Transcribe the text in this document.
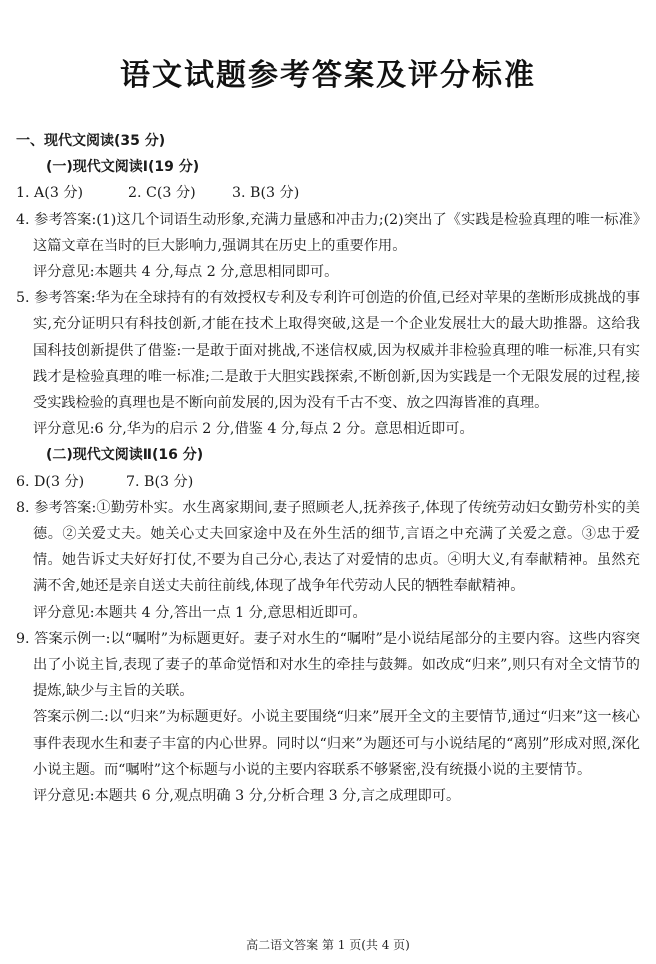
语文试题参考答案及评分标准

一、现代文阅读(35 分)

(一)现代文阅读Ⅰ(19 分)

1. A(3 分)	2. C(3 分)	3. B(3 分)

4. 参考答案:(1)这几个词语生动形象,充满力量感和冲击力;(2)突出了《实践是检验真理的唯一标准》这篇文章在当时的巨大影响力,强调其在历史上的重要作用。

评分意见:本题共 4 分,每点 2 分,意思相同即可。

5. 参考答案:华为在全球持有的有效授权专利及专利许可创造的价值,已经对苹果的垄断形成挑战的事实,充分证明只有科技创新,才能在技术上取得突破,这是一个企业发展壮大的最大助推器。这给我国科技创新提供了借鉴:一是敢于面对挑战,不迷信权威,因为权威并非检验真理的唯一标准,只有实践才是检验真理的唯一标准;二是敢于大胆实践探索,不断创新,因为实践是一个无限发展的过程,接受实践检验的真理也是不断向前发展的,因为没有千古不变、放之四海皆准的真理。

评分意见:6 分,华为的启示 2 分,借鉴 4 分,每点 2 分。意思相近即可。

(二)现代文阅读Ⅱ(16 分)

6. D(3 分)	7. B(3 分)

8. 参考答案:①勤劳朴实。水生离家期间,妻子照顾老人,抚养孩子,体现了传统劳动妇女勤劳朴实的美德。②关爱丈夫。她关心丈夫回家途中及在外生活的细节,言语之中充满了关爱之意。③忠于爱情。她告诉丈夫好好打仗,不要为自己分心,表达了对爱情的忠贞。④明大义,有奉献精神。虽然充满不舍,她还是亲自送丈夫前往前线,体现了战争年代劳动人民的牺牲奉献精神。

评分意见:本题共 4 分,答出一点 1 分,意思相近即可。

9. 答案示例一:以“嘱咐”为标题更好。妻子对水生的“嘱咐”是小说结尾部分的主要内容。这些内容突出了小说主旨,表现了妻子的革命觉悟和对水生的牵挂与鼓舞。如改成“归来”,则只有对全文情节的提炼,缺少与主旨的关联。

答案示例二:以“归来”为标题更好。小说主要围绕“归来”展开全文的主要情节,通过“归来”这一核心事件表现水生和妻子丰富的内心世界。同时以“归来”为题还可与小说结尾的“离别”形成对照,深化小说主题。而“嘱咐”这个标题与小说的主要内容联系不够紧密,没有统摄小说的主要情节。

评分意见:本题共 6 分,观点明确 3 分,分析合理 3 分,言之成理即可。

高二语文答案 第 1 页(共 4 页)
